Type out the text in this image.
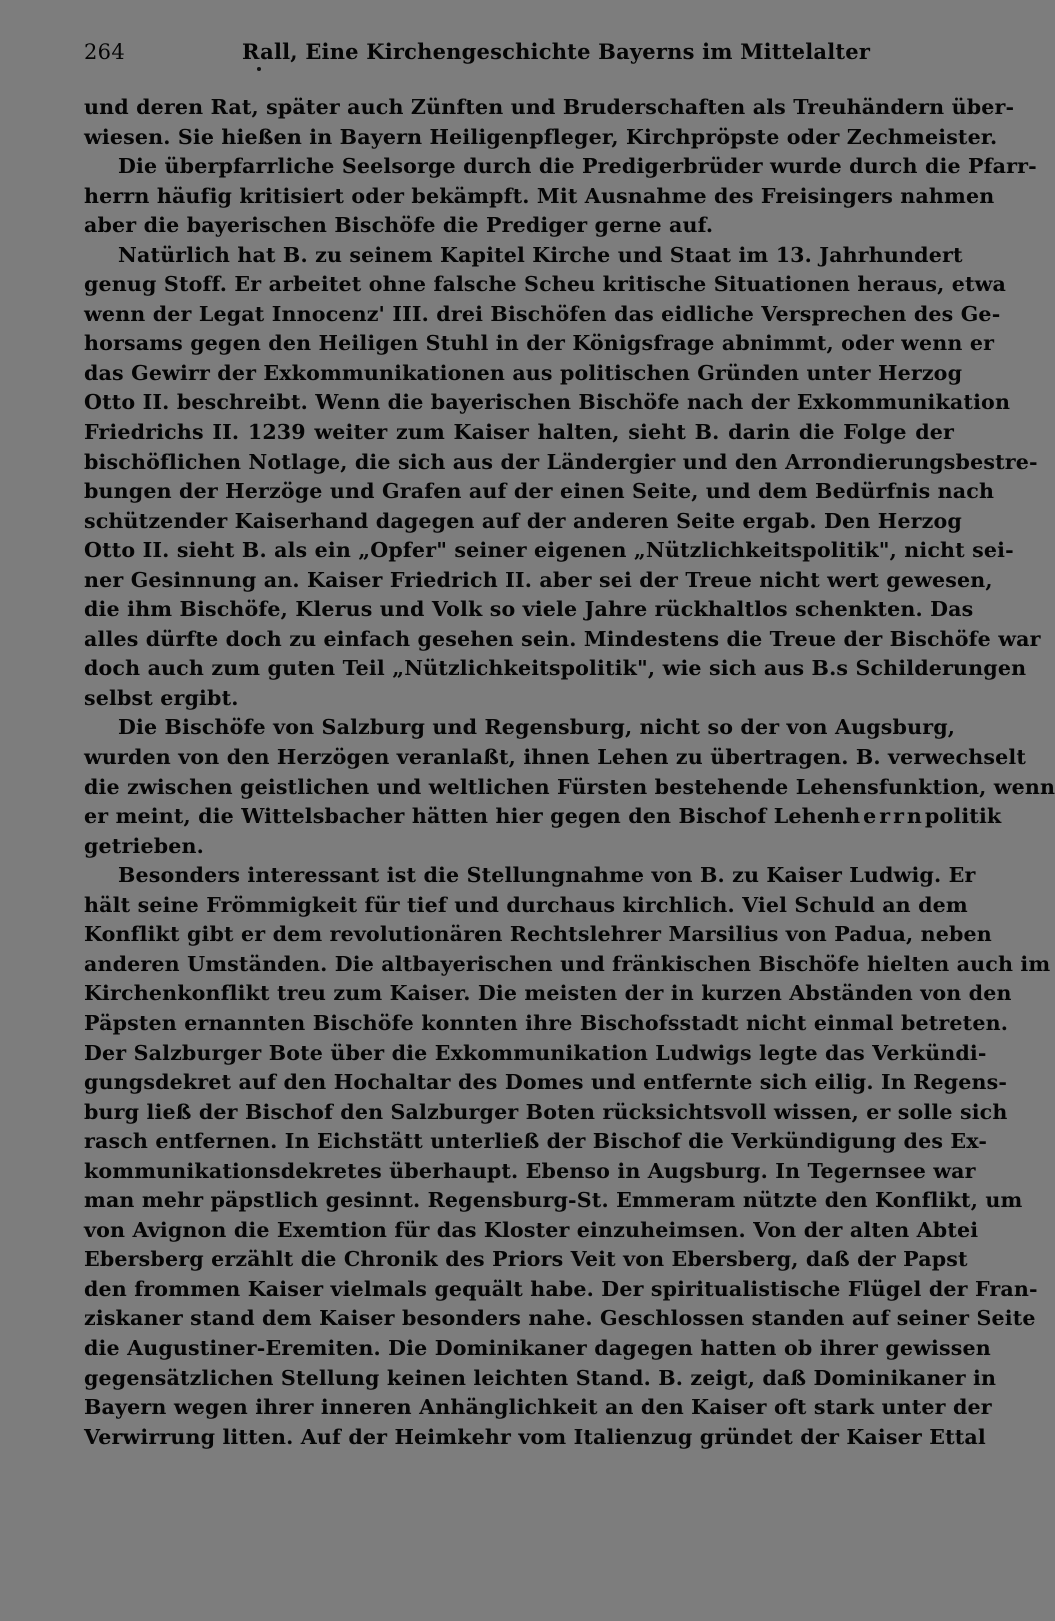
264	Rall, Eine Kirchengeschichte Bayerns im Mittelalter
und deren Rat, später auch Zünften und Bruderschaften als Treuhändern über-
wiesen. Sie hießen in Bayern Heiligenpfleger, Kirchpröpste oder Zechmeister.
Die überpfarrliche Seelsorge durch die Predigerbrüder wurde durch die Pfarr-
herrn häufig kritisiert oder bekämpft. Mit Ausnahme des Freisingers nahmen
aber die bayerischen Bischöfe die Prediger gerne auf.
Natürlich hat B. zu seinem Kapitel Kirche und Staat im 13. Jahrhundert
genug Stoff. Er arbeitet ohne falsche Scheu kritische Situationen heraus, etwa
wenn der Legat Innocenz' III. drei Bischöfen das eidliche Versprechen des Ge-
horsams gegen den Heiligen Stuhl in der Königsfrage abnimmt, oder wenn er
das Gewirr der Exkommunikationen aus politischen Gründen unter Herzog
Otto II. beschreibt. Wenn die bayerischen Bischöfe nach der Exkommunikation
Friedrichs II. 1239 weiter zum Kaiser halten, sieht B. darin die Folge der
bischöflichen Notlage, die sich aus der Ländergier und den Arrondierungsbestre-
bungen der Herzöge und Grafen auf der einen Seite, und dem Bedürfnis nach
schützender Kaiserhand dagegen auf der anderen Seite ergab. Den Herzog
Otto II. sieht B. als ein „Opfer" seiner eigenen „Nützlichkeitspolitik", nicht sei-
ner Gesinnung an. Kaiser Friedrich II. aber sei der Treue nicht wert gewesen,
die ihm Bischöfe, Klerus und Volk so viele Jahre rückhaltlos schenkten. Das
alles dürfte doch zu einfach gesehen sein. Mindestens die Treue der Bischöfe war
doch auch zum guten Teil „Nützlichkeitspolitik", wie sich aus B.s Schilderungen
selbst ergibt.
Die Bischöfe von Salzburg und Regensburg, nicht so der von Augsburg,
wurden von den Herzögen veranlaßt, ihnen Lehen zu übertragen. B. verwechselt
die zwischen geistlichen und weltlichen Fürsten bestehende Lehensfunktion, wenn
er meint, die Wittelsbacher hätten hier gegen den Bischof Lehenherrnpolitik
getrieben.
Besonders interessant ist die Stellungnahme von B. zu Kaiser Ludwig. Er
hält seine Frömmigkeit für tief und durchaus kirchlich. Viel Schuld an dem
Konflikt gibt er dem revolutionären Rechtslehrer Marsilius von Padua, neben
anderen Umständen. Die altbayerischen und fränkischen Bischöfe hielten auch im
Kirchenkonflikt treu zum Kaiser. Die meisten der in kurzen Abständen von den
Päpsten ernannten Bischöfe konnten ihre Bischofsstadt nicht einmal betreten.
Der Salzburger Bote über die Exkommunikation Ludwigs legte das Verkündi-
gungsdekret auf den Hochaltar des Domes und entfernte sich eilig. In Regens-
burg ließ der Bischof den Salzburger Boten rücksichtsvoll wissen, er solle sich
rasch entfernen. In Eichstätt unterließ der Bischof die Verkündigung des Ex-
kommunikationsdekretes überhaupt. Ebenso in Augsburg. In Tegernsee war
man mehr päpstlich gesinnt. Regensburg-St. Emmeram nützte den Konflikt, um
von Avignon die Exemtion für das Kloster einzuheimsen. Von der alten Abtei
Ebersberg erzählt die Chronik des Priors Veit von Ebersberg, daß der Papst
den frommen Kaiser vielmals gequält habe. Der spiritualistische Flügel der Fran-
ziskaner stand dem Kaiser besonders nahe. Geschlossen standen auf seiner Seite
die Augustiner-Eremiten. Die Dominikaner dagegen hatten ob ihrer gewissen
gegensätzlichen Stellung keinen leichten Stand. B. zeigt, daß Dominikaner in
Bayern wegen ihrer inneren Anhänglichkeit an den Kaiser oft stark unter der
Verwirrung litten. Auf der Heimkehr vom Italienzug gründet der Kaiser Ettal
